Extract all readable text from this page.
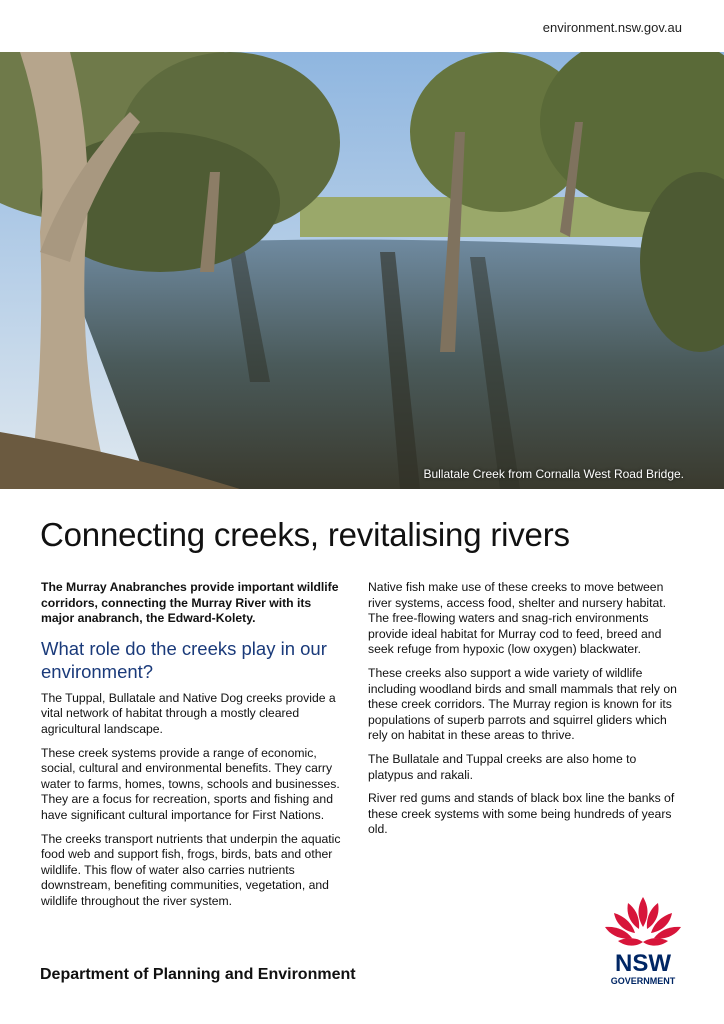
environment.nsw.gov.au
Bullatale Creek from Cornalla West Road Bridge.
Connecting creeks, revitalising rivers

The Murray Anabranches provide important wildlife corridors, connecting the Murray River with its major anabranch, the Edward-Kolety.

What role do the creeks play in our environment?

The Tuppal, Bullatale and Native Dog creeks provide a vital network of habitat through a mostly cleared agricultural landscape.

These creek systems provide a range of economic, social, cultural and environmental benefits. They carry water to farms, homes, towns, schools and businesses. They are a focus for recreation, sports and fishing and have significant cultural importance for First Nations.

The creeks transport nutrients that underpin the aquatic food web and support fish, frogs, birds, bats and other wildlife. This flow of water also carries nutrients downstream, benefiting communities, vegetation, and wildlife throughout the river system.

Native fish make use of these creeks to move between river systems, access food, shelter and nursery habitat. The free-flowing waters and snag-rich environments provide ideal habitat for Murray cod to feed, breed and seek refuge from hypoxic (low oxygen) blackwater.

These creeks also support a wide variety of wildlife including woodland birds and small mammals that rely on these creek corridors. The Murray region is known for its populations of superb parrots and squirrel gliders which rely on habitat in these areas to thrive.

The Bullatale and Tuppal creeks are also home to platypus and rakali.

River red gums and stands of black box line the banks of these creek systems with some being hundreds of years old.

Department of Planning and Environment	NSW
GOVERNMENT
